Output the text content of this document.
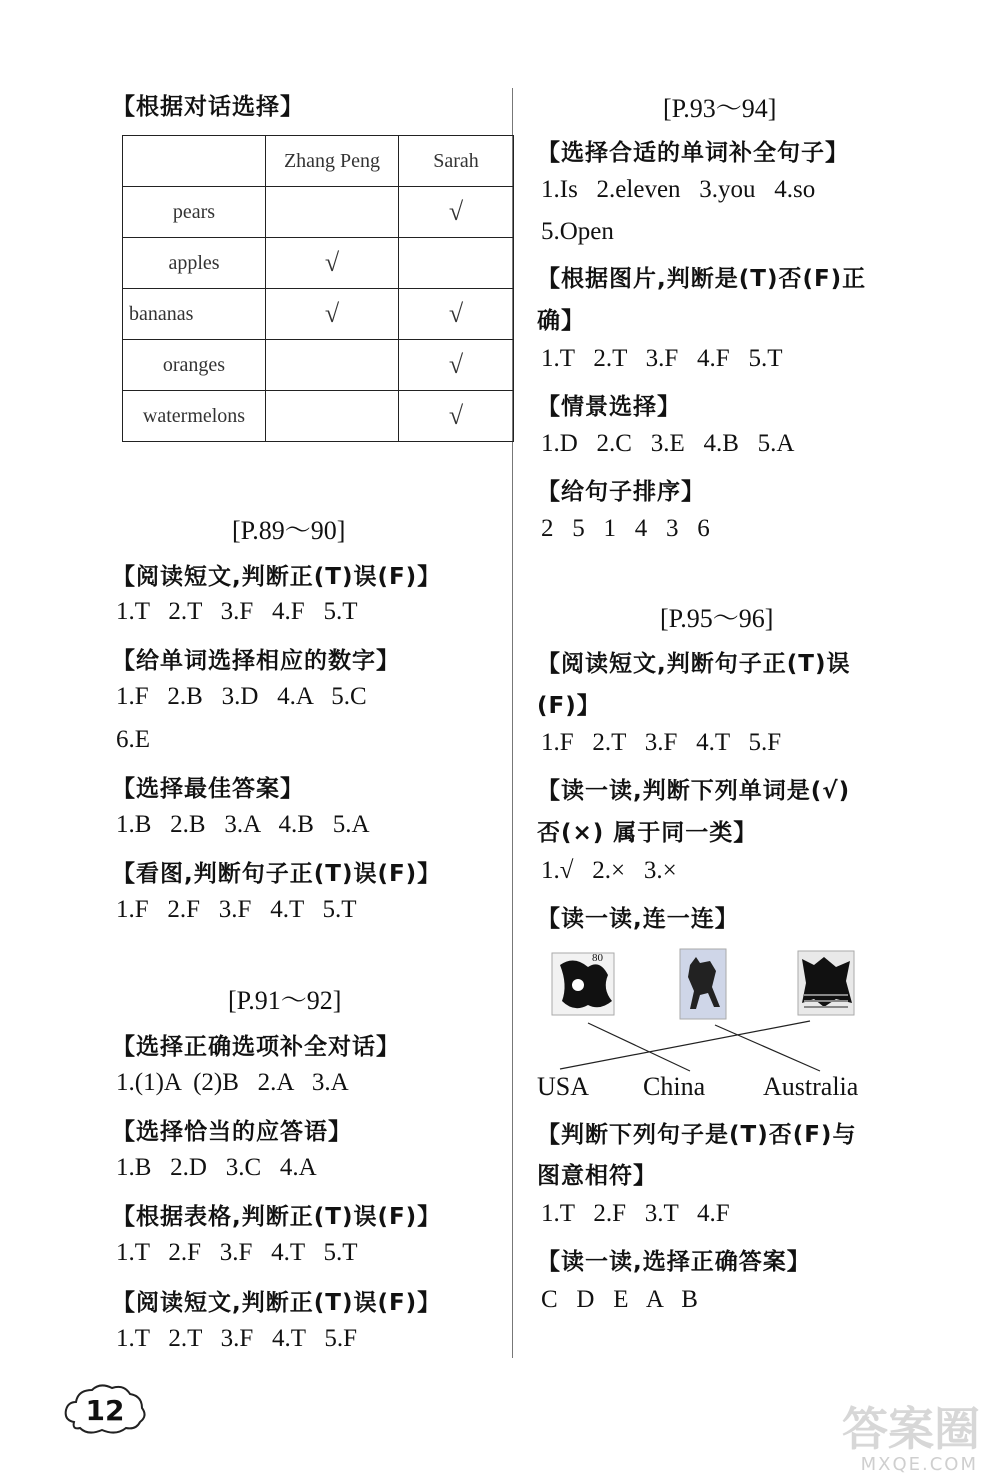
【根据对话选择】
	Zhang Peng	Sarah
pears		√
apples	√	
bananas	√	√
oranges		√
watermelons		√
[P.89～90]
【阅读短文,判断正(T)误(F)】
1.T   2.T   3.F   4.F   5.T
【给单词选择相应的数字】
1.F   2.B   3.D   4.A   5.C
6.E
【选择最佳答案】
1.B   2.B   3.A   4.B   5.A
【看图,判断句子正(T)误(F)】
1.F   2.F   3.F   4.T   5.T
[P.91～92]
【选择正确选项补全对话】
1.(1)A  (2)B   2.A   3.A
【选择恰当的应答语】
1.B   2.D   3.C   4.A
【根据表格,判断正(T)误(F)】
1.T   2.F   3.F   4.T   5.T
【阅读短文,判断正(T)误(F)】
1.T   2.T   3.F   4.T   5.F
[P.93～94]
【选择合适的单词补全句子】
1.Is   2.eleven   3.you   4.so
5.Open
【根据图片,判断是(T)否(F)正
确】
1.T   2.T   3.F   4.F   5.T
【情景选择】
1.D   2.C   3.E   4.B   5.A
【给句子排序】
2   5   1   4   3   6
[P.95～96]
【阅读短文,判断句子正(T)误
(F)】
1.F   2.T   3.F   4.T   5.F
【读一读,判断下列单词是(√)
否(×) 属于同一类】
1.√   2.×   3.×
【读一读,连一连】
80
USA China Australia
【判断下列句子是(T)否(F)与
图意相符】
1.T   2.F   3.T   4.F
【读一读,选择正确答案】
C   D   E   A   B
12	答案圈
MXQE.COM
